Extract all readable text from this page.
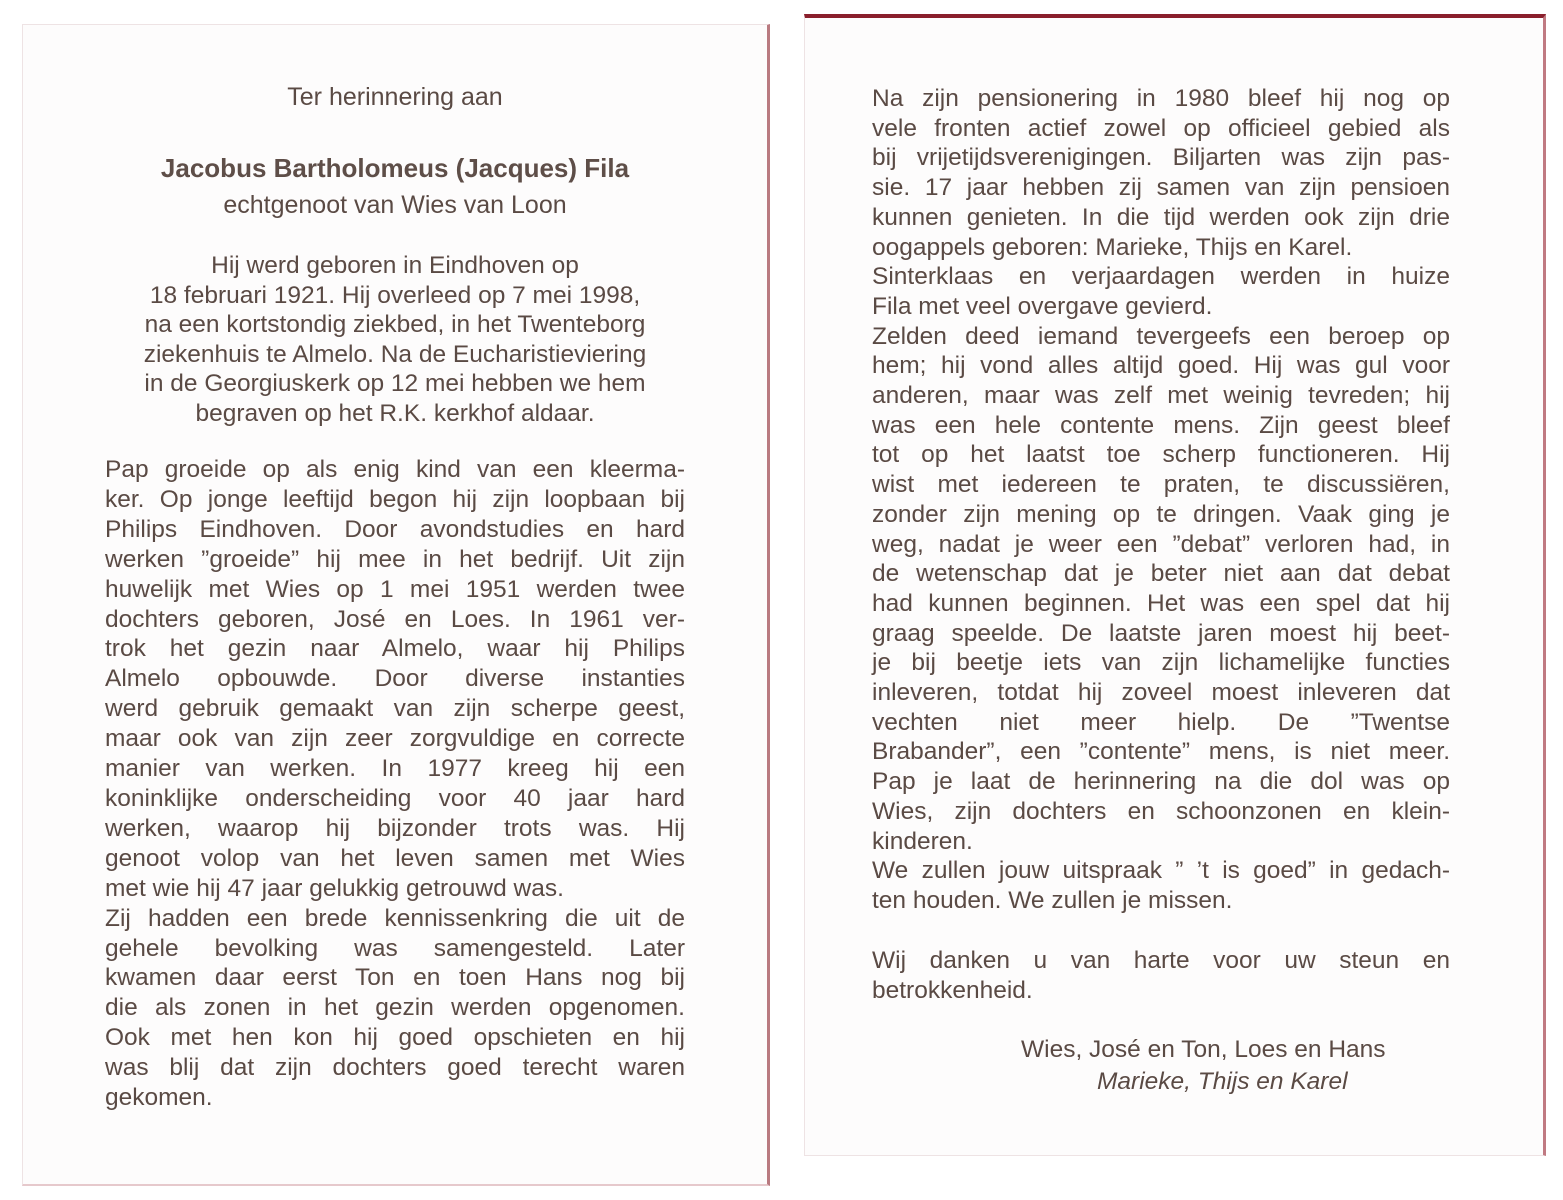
Ter herinnering aan
Jacobus Bartholomeus (Jacques) Fila
echtgenoot van Wies van Loon
Hij werd geboren in Eindhoven op
18 februari 1921. Hij overleed op 7 mei 1998,
na een kortstondig ziekbed, in het Twenteborg
ziekenhuis te Almelo. Na de Eucharistieviering
in de Georgiuskerk op 12 mei hebben we hem
begraven op het R.K. kerkhof aldaar.
Pap groeide op als enig kind van een kleerma-
ker. Op jonge leeftijd begon hij zijn loopbaan bij
Philips Eindhoven. Door avondstudies en hard
werken ”groeide” hij mee in het bedrijf. Uit zijn
huwelijk met Wies op 1 mei 1951 werden twee
dochters geboren, José en Loes. In 1961 ver-
trok het gezin naar Almelo, waar hij Philips
Almelo opbouwde. Door diverse instanties
werd gebruik gemaakt van zijn scherpe geest,
maar ook van zijn zeer zorgvuldige en correcte
manier van werken. In 1977 kreeg hij een
koninklijke onderscheiding voor 40 jaar hard
werken, waarop hij bijzonder trots was. Hij
genoot volop van het leven samen met Wies
met wie hij 47 jaar gelukkig getrouwd was.
Zij hadden een brede kennissenkring die uit de
gehele bevolking was samengesteld. Later
kwamen daar eerst Ton en toen Hans nog bij
die als zonen in het gezin werden opgenomen.
Ook met hen kon hij goed opschieten en hij
was blij dat zijn dochters goed terecht waren
gekomen.
Na zijn pensionering in 1980 bleef hij nog op
vele fronten actief zowel op officieel gebied als
bij vrijetijdsverenigingen. Biljarten was zijn pas-
sie. 17 jaar hebben zij samen van zijn pensioen
kunnen genieten. In die tijd werden ook zijn drie
oogappels geboren: Marieke, Thijs en Karel.
Sinterklaas en verjaardagen werden in huize
Fila met veel overgave gevierd.
Zelden deed iemand tevergeefs een beroep op
hem; hij vond alles altijd goed. Hij was gul voor
anderen, maar was zelf met weinig tevreden; hij
was een hele contente mens. Zijn geest bleef
tot op het laatst toe scherp functioneren. Hij
wist met iedereen te praten, te discussiëren,
zonder zijn mening op te dringen. Vaak ging je
weg, nadat je weer een ”debat” verloren had, in
de wetenschap dat je beter niet aan dat debat
had kunnen beginnen. Het was een spel dat hij
graag speelde. De laatste jaren moest hij beet-
je bij beetje iets van zijn lichamelijke functies
inleveren, totdat hij zoveel moest inleveren dat
vechten niet meer hielp. De ”Twentse
Brabander”, een ”contente” mens, is niet meer.
Pap je laat de herinnering na die dol was op
Wies, zijn dochters en schoonzonen en klein-
kinderen.
We zullen jouw uitspraak ” ’t is goed” in gedach-
ten houden. We zullen je missen.
Wij danken u van harte voor uw steun en
betrokkenheid.
Wies, José en Ton, Loes en Hans
Marieke, Thijs en Karel
